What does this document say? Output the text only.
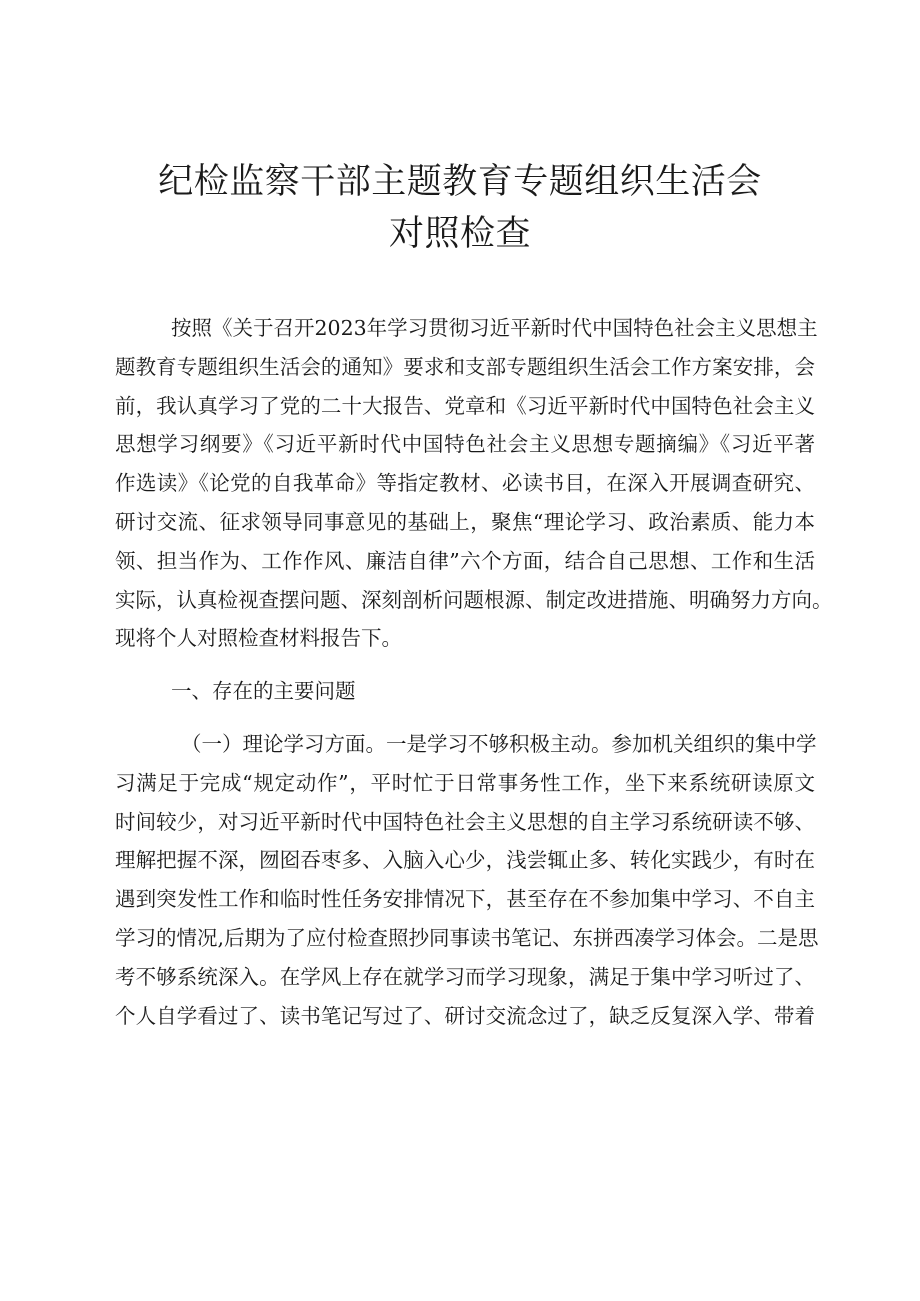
纪检监察干部主题教育专题组织生活会
对照检查
按照《关于召开2023年学习贯彻习近平新时代中国特色社会主义思想主
题教育专题组织生活会的通知》要求和支部专题组织生活会工作方案安排，会
前，我认真学习了党的二十大报告、党章和《习近平新时代中国特色社会主义
思想学习纲要》《习近平新时代中国特色社会主义思想专题摘编》《习近平著
作选读》《论党的自我革命》等指定教材、必读书目，在深入开展调查研究、
研讨交流、征求领导同事意见的基础上，聚焦“理论学习、政治素质、能力本
领、担当作为、工作作风、廉洁自律”六个方面，结合自己思想、工作和生活
实际，认真检视查摆问题、深刻剖析问题根源、制定改进措施、明确努力方向。
现将个人对照检查材料报告下。
一、存在的主要问题
（一）理论学习方面。一是学习不够积极主动。参加机关组织的集中学
习满足于完成“规定动作”，平时忙于日常事务性工作，坐下来系统研读原文
时间较少，对习近平新时代中国特色社会主义思想的自主学习系统研读不够、
理解把握不深，囫囵吞枣多、入脑入心少，浅尝辄止多、转化实践少，有时在
遇到突发性工作和临时性任务安排情况下，甚至存在不参加集中学习、不自主
学习的情况,后期为了应付检查照抄同事读书笔记、东拼西凑学习体会。二是思
考不够系统深入。在学风上存在就学习而学习现象，满足于集中学习听过了、
个人自学看过了、读书笔记写过了、研讨交流念过了，缺乏反复深入学、带着
